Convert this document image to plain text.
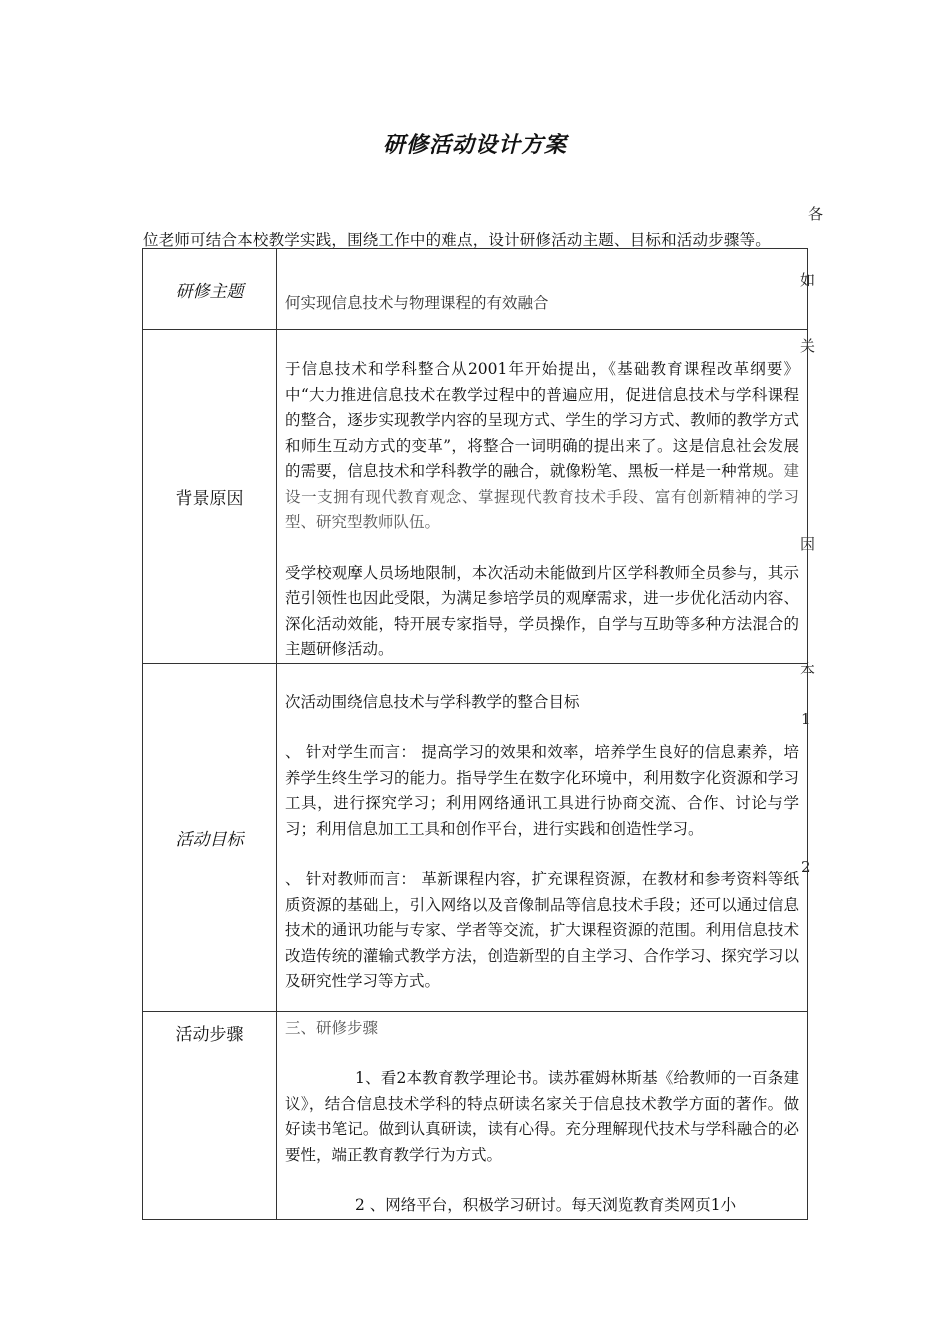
研修活动设计方案
各
位老师可结合本校教学实践，围绕工作中的难点，设计研修活动主题、目标和活动步骤等。
如
关
因
本
1
2
研修主题	何实现信息技术与物理课程的有效融合
背景原因	于信息技术和学科整合从2001年开始提出，《基础教育课程改革纲要》中“大力推进信息技术在教学过程中的普遍应用，促进信息技术与学科课程的整合，逐步实现教学内容的呈现方式、学生的学习方式、教师的教学方式和师生互动方式的变革”，将整合一词明确的提出来了。这是信息社会发展的需要，信息技术和学科教学的融合，就像粉笔、黑板一样是一种常规。建设一支拥有现代教育观念、掌握现代教育技术手段、富有创新精神的学习型、研究型教师队伍。

受学校观摩人员场地限制，本次活动未能做到片区学科教师全员参与，其示范引领性也因此受限，为满足参培学员的观摩需求，进一步优化活动内容、深化活动效能，特开展专家指导，学员操作，自学与互助等多种方法混合的主题研修活动。

活动目标	次活动围绕信息技术与学科教学的整合目标

、 针对学生而言： 提高学习的效果和效率，培养学生良好的信息素养，培养学生终生学习的能力。指导学生在数字化环境中，利用数字化资源和学习工具，进行探究学习；利用网络通讯工具进行协商交流、合作、讨论与学习；利用信息加工工具和创作平台，进行实践和创造性学习。

、 针对教师而言： 革新课程内容，扩充课程资源，在教材和参考资料等纸质资源的基础上，引入网络以及音像制品等信息技术手段；还可以通过信息技术的通讯功能与专家、学者等交流，扩大课程资源的范围。利用信息技术改造传统的灌输式教学方法，创造新型的自主学习、合作学习、探究学习以及研究性学习等方式。

活动步骤	三、研修步骤

1、看2本教育教学理论书。读苏霍姆林斯基《给教师的一百条建议》，结合信息技术学科的特点研读名家关于信息技术教学方面的著作。做好读书笔记。做到认真研读，读有心得。充分理解现代技术与学科融合的必要性，端正教育教学行为方式。

2 、网络平台，积极学习研讨。每天浏览教育类网页1小
